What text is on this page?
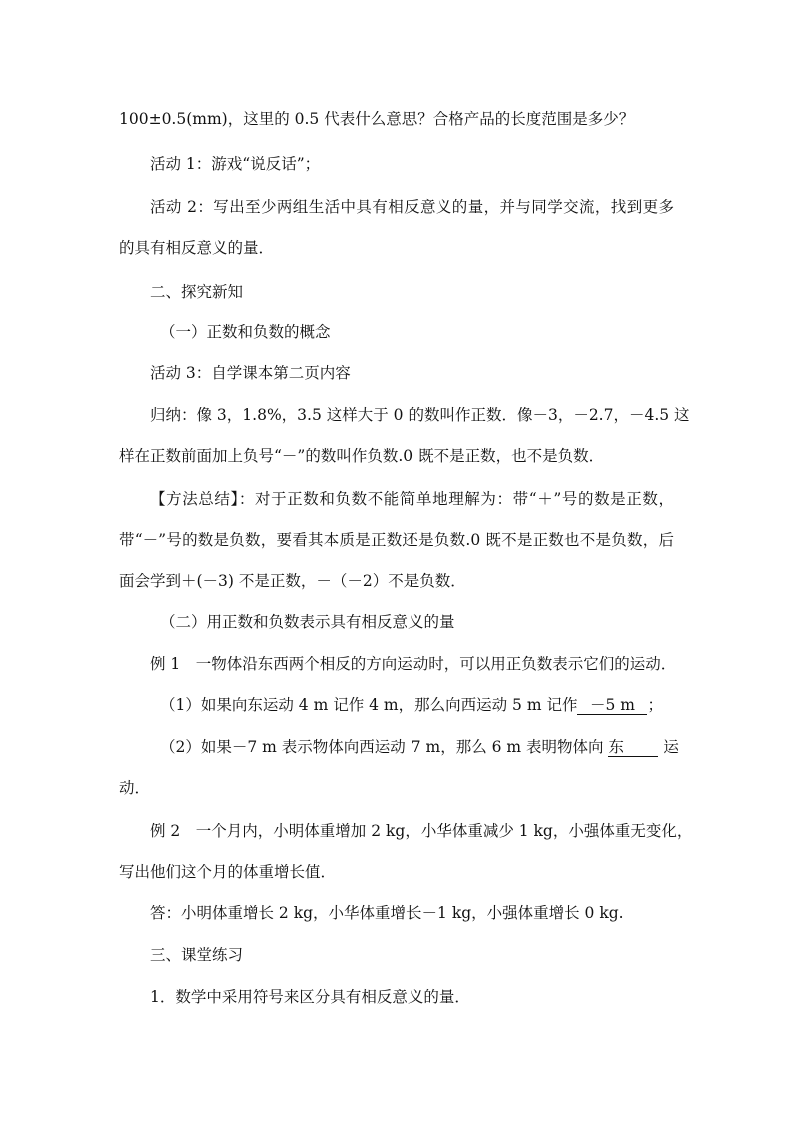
100±0.5(mm)，这里的 0.5 代表什么意思？合格产品的长度范围是多少？
活动 1：游戏“说反话”；
活动 2：写出至少两组生活中具有相反意义的量，并与同学交流，找到更多
的具有相反意义的量．
二、探究新知
（一）正数和负数的概念
活动 3：自学课本第二页内容
归纳：像 3，1.8%，3.5 这样大于 0 的数叫作正数．像－3，－2.7，－4.5 这
样在正数前面加上负号“－”的数叫作负数.0 既不是正数，也不是负数．
【方法总结】：对于正数和负数不能简单地理解为：带“＋”号的数是正数，
带“－”号的数是负数，要看其本质是正数还是负数.0 既不是正数也不是负数，后
面会学到＋(－3) 不是正数，－（－2）不是负数．
（二）用正数和负数表示具有相反意义的量
例 1　一物体沿东西两个相反的方向运动时，可以用正负数表示它们的运动．
（1）如果向东运动 4 m 记作 4 m，那么向西运动 5 m 记作 －5 m ；
（2）如果－7 m 表示物体向西运动 7 m，那么 6 m 表明物体向 东	运
动．
例 2　一个月内，小明体重增加 2 kg，小华体重减少 1 kg，小强体重无变化，
写出他们这个月的体重增长值．
答：小明体重增长 2 kg，小华体重增长－1 kg，小强体重增长 0 kg.
三、课堂练习
1．数学中采用符号来区分具有相反意义的量．
